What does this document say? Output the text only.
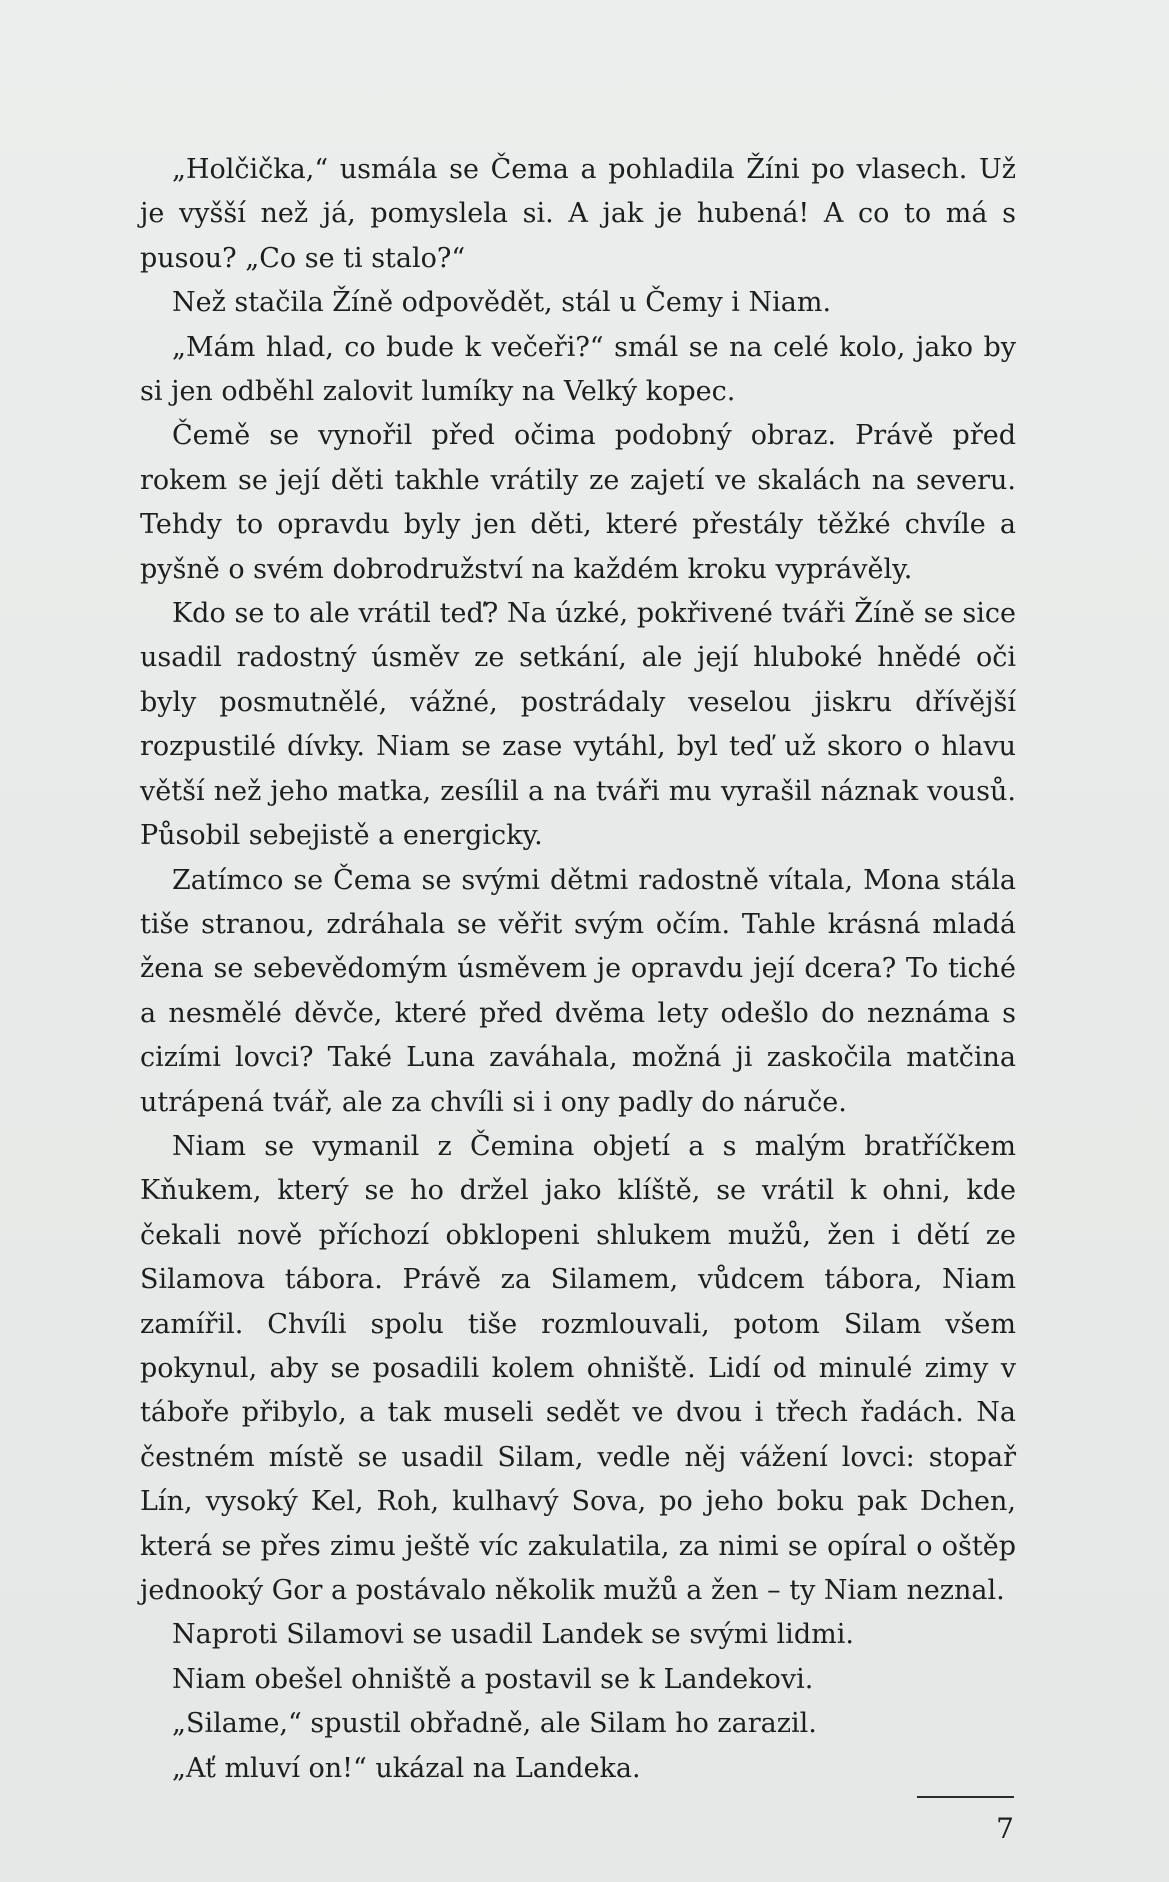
„Holčička,“ usmála se Čema a pohladila Žíni po vlasech. Už je vyšší než já, pomyslela si. A jak je hubená! A co to má s pusou? „Co se ti stalo?“

Než stačila Žíně odpovědět, stál u Čemy i Niam.

„Mám hlad, co bude k večeři?“ smál se na celé kolo, jako by si jen odběhl zalovit lumíky na Velký kopec.

Čemě se vynořil před očima podobný obraz. Právě před rokem se její děti takhle vrátily ze zajetí ve skalách na severu. Tehdy to opravdu byly jen děti, které přestály těžké chvíle a pyšně o svém dobrodružství na každém kroku vyprávěly.

Kdo se to ale vrátil teď? Na úzké, pokřivené tváři Žíně se sice usadil radostný úsměv ze setkání, ale její hluboké hnědé oči byly posmutnělé, vážné, postrádaly veselou jiskru dřívější rozpustilé dívky. Niam se zase vytáhl, byl teď už skoro o hlavu větší než jeho matka, zesílil a na tváři mu vyrašil náznak vousů. Působil sebejistě a energicky.

Zatímco se Čema se svými dětmi radostně vítala, Mona stála tiše stranou, zdráhala se věřit svým očím. Tahle krásná mladá žena se sebevědomým úsměvem je opravdu její dcera? To tiché a nesmělé děvče, které před dvěma lety odešlo do neznáma s cizími lovci? Také Luna zaváhala, možná ji zaskočila matčina utrápená tvář, ale za chvíli si i ony padly do náruče.

Niam se vymanil z Čemina objetí a s malým bratříčkem Kňukem, který se ho držel jako klíště, se vrátil k ohni, kde čekali nově příchozí obklopeni shlukem mužů, žen i dětí ze Silamova tábora. Právě za Silamem, vůdcem tábora, Niam zamířil. Chvíli spolu tiše rozmlouvali, potom Silam všem pokynul, aby se posadili kolem ohniště. Lidí od minulé zimy v táboře přibylo, a tak museli sedět ve dvou i třech řadách. Na čestném místě se usadil Silam, vedle něj vážení lovci: stopař Lín, vysoký Kel, Roh, kulhavý Sova, po jeho boku pak Dchen, která se přes zimu ještě víc zakulatila, za nimi se opíral o oštěp jednooký Gor a postávalo několik mužů a žen – ty Niam neznal.

Naproti Silamovi se usadil Landek se svými lidmi.

Niam obešel ohniště a postavil se k Landekovi.

„Silame,“ spustil obřadně, ale Silam ho zarazil.

„Ať mluví on!“ ukázal na Landeka.

7
